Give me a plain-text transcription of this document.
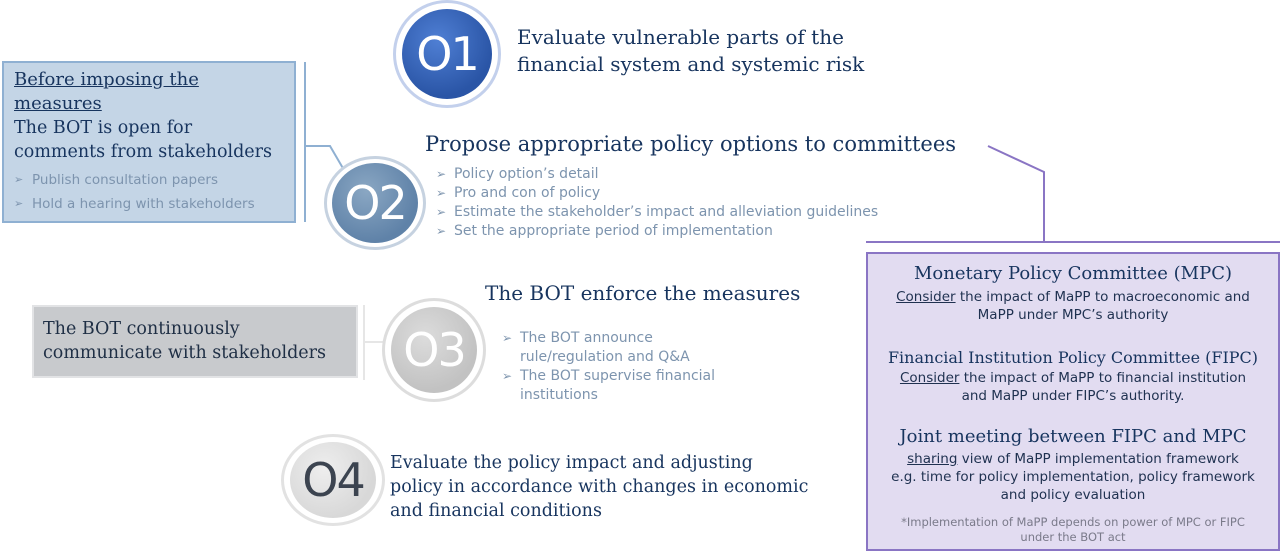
O1 Evaluate vulnerable parts of the financial system and systemic risk
O2
Propose appropriate policy options to committees
➢ Policy option’s detail
➢ Pro and con of policy
➢ Estimate the stakeholder’s impact and alleviation guidelines
➢ Set the appropriate period of implementation
O3
The BOT enforce the measures
➢ The BOT announce rule/regulation and Q&A
➢ The BOT supervise financial institutions
O4 Evaluate the policy impact and adjusting policy in accordance with changes in economic and financial conditions
Before imposing the measures
The BOT is open for comments from stakeholders
➢ Publish consultation papers
➢ Hold a hearing with stakeholders
The BOT continuously communicate with stakeholders
Monetary Policy Committee (MPC)
Consider the impact of MaPP to macroeconomic and
MaPP under MPC’s authority
Financial Institution Policy Committee (FIPC)
Consider the impact of MaPP to financial institution
and MaPP under FIPC’s authority.
Joint meeting between FIPC and MPC
sharing view of MaPP implementation framework
e.g. time for policy implementation, policy framework
and policy evaluation
*Implementation of MaPP depends on power of MPC or FIPC
under the BOT act
